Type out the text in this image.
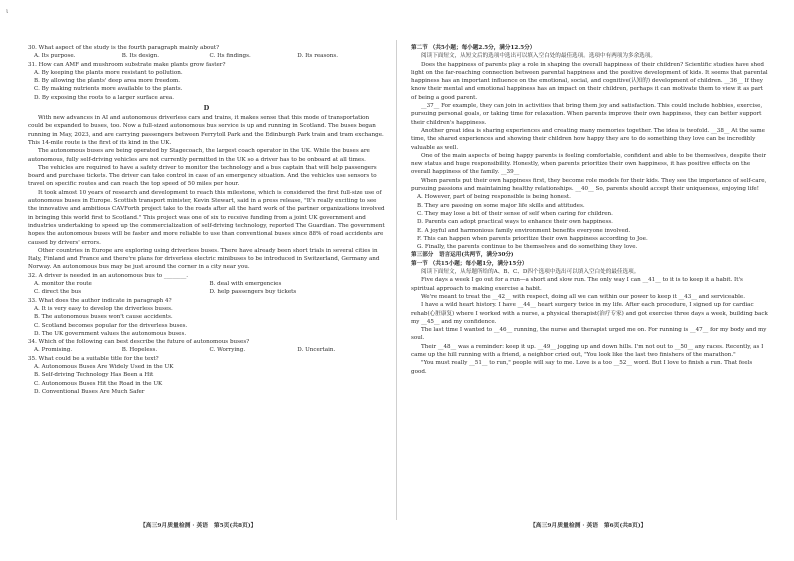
ι

30. What aspect of the study is the fourth paragraph mainly about?

A. Its purpose.	B. Its design.	C. Its findings.	D. Its reasons.

31. How can AMF and mushroom substrate make plants grow faster?

A. By keeping the plants more resistant to pollution.
B. By allowing the plants' deep area more freedom.
C. By making nutrients more available to the plants.
D. By exposing the roots to a larger surface area.
D

With new advances in AI and autonomous driverless cars and trains, it makes sense that this mode of transportation could be expanded to buses, too. Now a full-sized autonomous bus service is up and running in Scotland. The buses began running in May, 2023, and are carrying passengers between Ferrytoll Park and the Edinburgh Park train and tram exchange. This 14-mile route is the first of its kind in the UK.

The autonomous buses are being operated by Stagecoach, the largest coach operator in the UK. While the buses are autonomous, fully self-driving vehicles are not currently permitted in the UK so a driver has to be onboard at all times.

The vehicles are required to have a safety driver to monitor the technology and a bus captain that will help passengers board and purchase tickets. The driver can take control in case of an emergency situation. And the vehicles use sensors to travel on specific routes and can reach the top speed of 50 miles per hour.

It took almost 10 years of research and development to reach this milestone, which is considered the first full-size use of autonomous buses in Europe. Scottish transport minister, Kevin Stewart, said in a press release, "It's really exciting to see the innovative and ambitious CAVForth project take to the roads after all the hard work of the partner organizations involved in bringing this world first to Scotland." This project was one of six to receive funding from a joint UK government and industries undertaking to speed up the commercialization of self-driving technology, reported The Guardian. The government hopes the autonomous buses will be faster and more reliable to use than conventional buses since 88% of road accidents are caused by drivers' errors.

Other countries in Europe are exploring using driverless buses. There have already been short trials in several cities in Italy, Finland and France and there're plans for driverless electric minibuses to be introduced in Switzerland, Germany and Norway. An autonomous bus may be just around the corner in a city near you.

32. A driver is needed in an autonomous bus to ________.

A. monitor the route	B. deal with emergencies
C. direct the bus	D. help passengers buy tickets

33. What does the author indicate in paragraph 4?

A. It is very easy to develop the driverless buses.
B. The autonomous buses won't cause accidents.
C. Scotland becomes popular for the driverless buses.
D. The UK government values the autonomous buses.

34. Which of the following can best describe the future of autonomous buses?

A. Promising.	B. Hopeless.	C. Worrying.	D. Uncertain.

35. What could be a suitable title for the text?

A. Autonomous Buses Are Widely Used in the UK
B. Self-driving Technology Has Been a Hit
C. Autonomous Buses Hit the Road in the UK
D. Conventional Buses Are Much Safer
【高三9月质量检测 · 英语　第5页(共8页)】

第二节 （共5小题；每小题2.5分，满分12.5分）

阅读下面短文，从短文后的选项中选出可以填入空白处的最佳选项。选项中有两项为多余选项。

Does the happiness of parents play a role in shaping the overall happiness of their children? Scientific studies have shed light on the far-reaching connection between parental happiness and the positive development of kids. It seems that parental happiness has an important influence on the emotional, social, and cognitive(认知的) development of children. __36__ If they know their mental and emotional happiness has an impact on their children, perhaps it can motivate them to view it as part of being a good parent.

__37__ For example, they can join in activities that bring them joy and satisfaction. This could include hobbies, exercise, pursuing personal goals, or taking time for relaxation. When parents improve their own happiness, they can better support their children's happiness.

Another great idea is sharing experiences and creating many memories together. The idea is twofold. __38__ At the same time, the shared experiences and showing their children how happy they are to do something they love can be incredibly valuable as well.

One of the main aspects of being happy parents is feeling comfortable, confident and able to be themselves, despite their new status and huge responsibility. Honestly, when parents prioritize their own happiness, it has positive effects on the overall happiness of the family. __39__

When parents put their own happiness first, they become role models for their kids. They see the importance of self-care, pursuing passions and maintaining healthy relationships. __40__ So, parents should accept their uniqueness, enjoying life!

A. However, part of being responsible is being honest.
B. They are passing on some major life skills and attitudes.
C. They may lose a bit of their sense of self when caring for children.
D. Parents can adopt practical ways to enhance their own happiness.
E. A joyful and harmonious family environment benefits everyone involved.
F. This can happen when parents prioritize their own happiness according to Joe.
G. Finally, the parents continue to be themselves and do something they love.

第三部分　语言运用(共两节，满分30分)

第一节 （共15小题；每小题1分，满分15分）

阅读下面短文，从每题所给的A、B、C、D四个选项中选出可以填入空白处的最佳选项。

Five days a week I go out for a run—a short and slow run. The only way I can __41__ to it is to keep it a habit. It's spiritual approach to making exercise a habit.

We're meant to treat the __42__ with respect, doing all we can within our power to keep it __43__ and serviceable.

I have a wild heart history. I have __44__ heart surgery twice in my life. After each procedure, I signed up for cardiac rehab(心脏康复) where I worked with a nurse, a physical therapist(治疗专家) and got exercise three days a week, building back my __45__ and my confidence.

The last time I wanted to __46__ running, the nurse and therapist urged me on. For running is __47__ for my body and my soul.

Their __48__ was a reminder: keep it up. __49__ jogging up and down hills. I'm not out to __50__ any races. Recently, as I came up the hill running with a friend, a neighbor cried out, "You look like the last two finishers of the marathon."

"You must really __51__ to run," people will say to me. Love is a too __52__ word. But I love to finish a run. That feels good.

【高三9月质量检测 · 英语　第6页(共8页)】
